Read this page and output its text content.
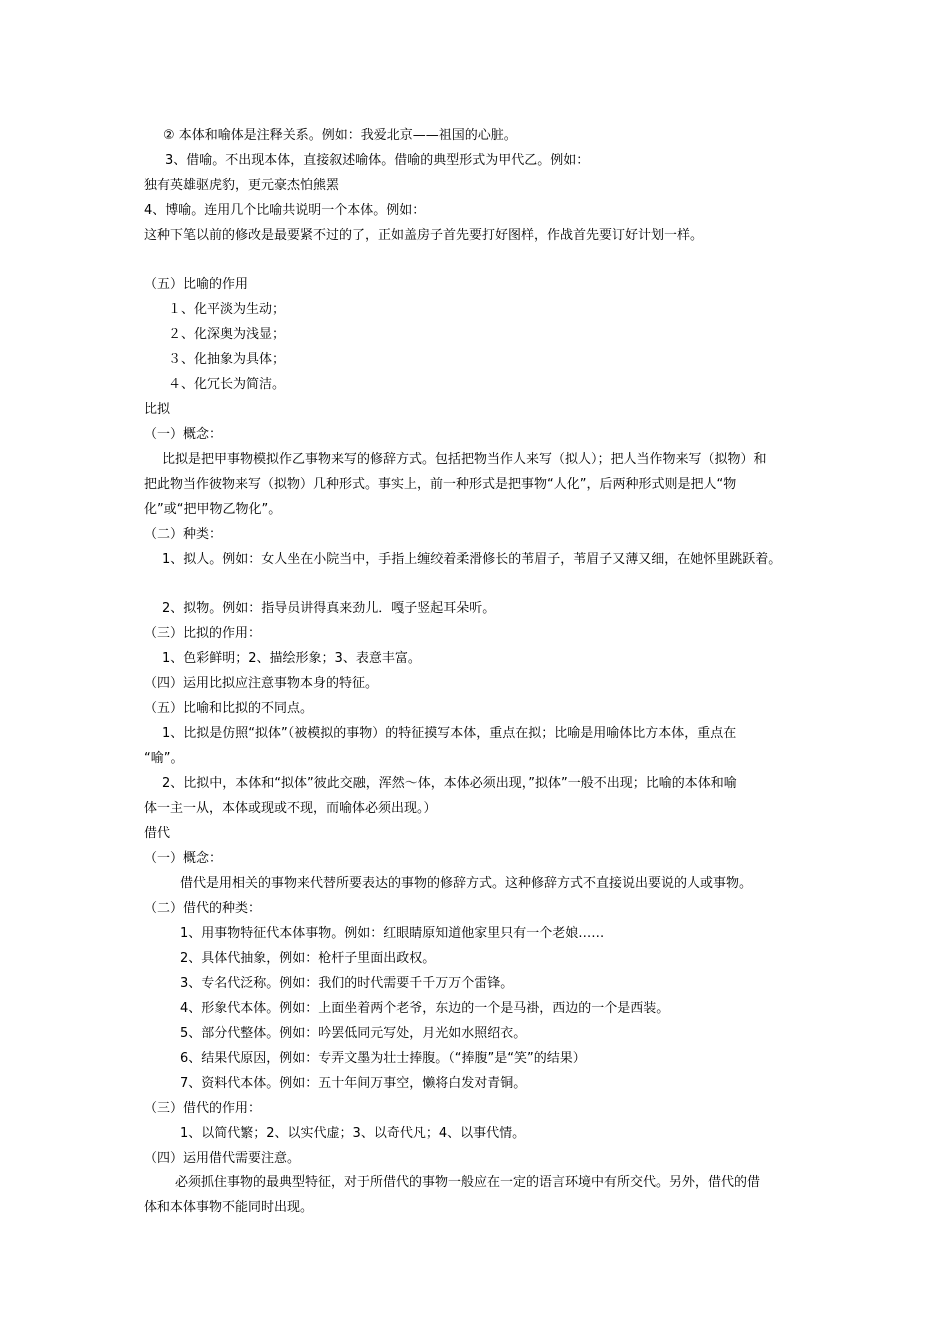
② 本体和喻体是注释关系。例如：我爱北京——祖国的心脏。
3、借喻。不出现本体，直接叙述喻体。借喻的典型形式为甲代乙。例如：
独有英雄驱虎豹，更元豪杰怕熊罴
4、博喻。连用几个比喻共说明一个本体。例如：
这种下笔以前的修改是最要紧不过的了，正如盖房子首先要打好图样，作战首先要订好计划一样。
（五）比喻的作用
１、化平淡为生动；
２、化深奥为浅显；
３、化抽象为具体；
４、化冗长为简洁。
比拟
（一）概念：
比拟是把甲事物模拟作乙事物来写的修辞方式。包括把物当作人来写（拟人）；把人当作物来写（拟物）和
把此物当作彼物来写（拟物）几种形式。事实上，前一种形式是把事物“人化”，后两种形式则是把人“物
化”或“把甲物乙物化”。
（二）种类：
1、拟人。例如：女人坐在小院当中，手指上缠绞着柔滑修长的苇眉子，苇眉子又薄又细，在她怀里跳跃着。
2、拟物。例如：指导员讲得真来劲儿．嘎子竖起耳朵听。
（三）比拟的作用：
1、色彩鲜明；2、描绘形象；3、表意丰富。
（四）运用比拟应注意事物本身的特征。
（五）比喻和比拟的不同点。
1、比拟是仿照“拟体”（被模拟的事物）的特征摸写本体，重点在拟；比喻是用喻体比方本体，重点在
“喻”。
2、比拟中，本体和“拟体”彼此交融，浑然～体，本体必须出现，”拟体”一般不出现；比喻的本体和喻
体一主一从，本体或现或不现，而喻体必须出现。）
借代
（一）概念：
借代是用相关的事物来代替所要表达的事物的修辞方式。这种修辞方式不直接说出要说的人或事物。
（二）借代的种类：
1、用事物特征代本体事物。例如：红眼睛原知道他家里只有一个老娘……
2、具体代抽象，例如：枪杆子里面出政权。
3、专名代泛称。例如：我们的时代需要千千万万个雷锋。
4、形象代本体。例如：上面坐着两个老爷，东边的一个是马褂，西边的一个是西装。
5、部分代整体。例如：吟罢低同元写处，月光如水照绍衣。
6、结果代原因，例如：专弄文墨为壮士捧腹。（“捧腹”是“笑”的结果）
7、资料代本体。例如：五十年间万事空，懒将白发对青铜。
（三）借代的作用：
1、以简代繁；2、以实代虚；3、以奇代凡；4、以事代情。
（四）运用借代需要注意。
必须抓住事物的最典型特征，对于所借代的事物一般应在一定的语言环境中有所交代。另外，借代的借
体和本体事物不能同时出现。
